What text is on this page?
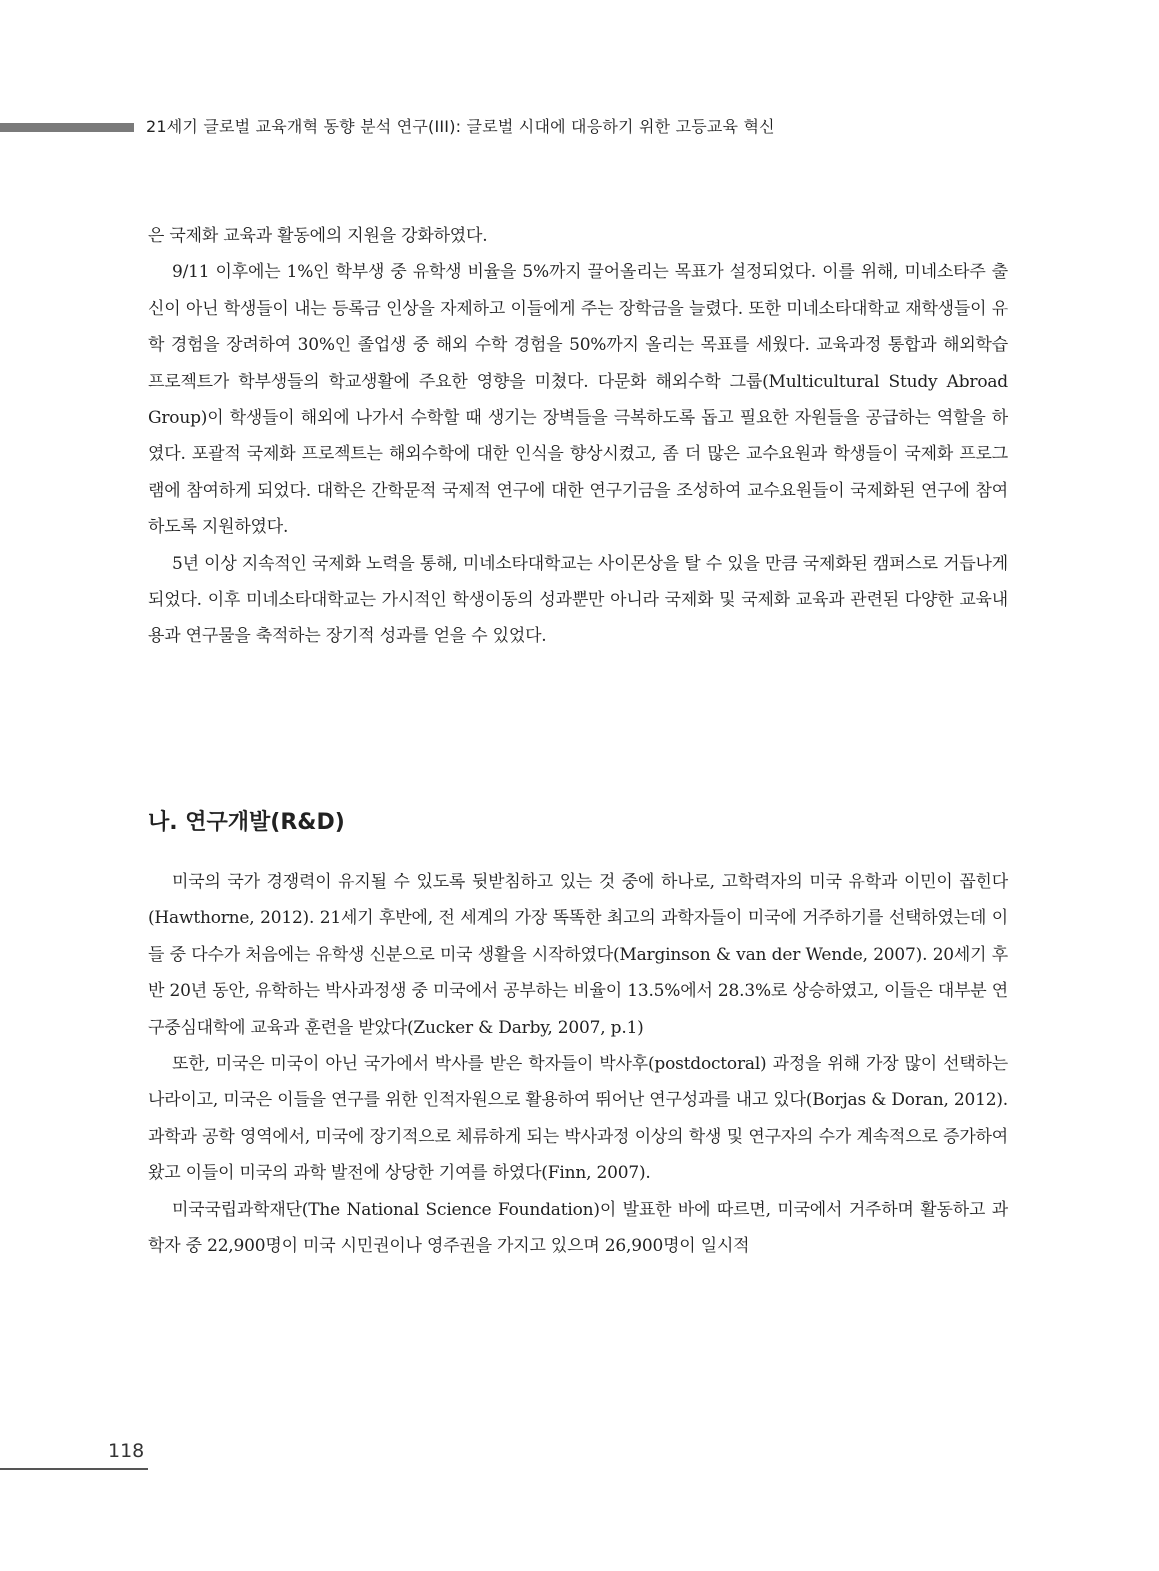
21세기 글로벌 교육개혁 동향 분석 연구(III): 글로벌 시대에 대응하기 위한 고등교육 혁신

은 국제화 교육과 활동에의 지원을 강화하였다.

9/11 이후에는 1%인 학부생 중 유학생 비율을 5%까지 끌어올리는 목표가 설정되었다. 이를 위해, 미네소타주 출신이 아닌 학생들이 내는 등록금 인상을 자제하고 이들에게 주는 장학금을 늘렸다. 또한 미네소타대학교 재학생들이 유학 경험을 장려하여 30%인 졸업생 중 해외 수학 경험을 50%까지 올리는 목표를 세웠다. 교육과정 통합과 해외학습 프로젝트가 학부생들의 학교생활에 주요한 영향을 미쳤다. 다문화 해외수학 그룹(Multicultural Study Abroad Group)이 학생들이 해외에 나가서 수학할 때 생기는 장벽들을 극복하도록 돕고 필요한 자원들을 공급하는 역할을 하였다. 포괄적 국제화 프로젝트는 해외수학에 대한 인식을 향상시켰고, 좀 더 많은 교수요원과 학생들이 국제화 프로그램에 참여하게 되었다. 대학은 간학문적 국제적 연구에 대한 연구기금을 조성하여 교수요원들이 국제화된 연구에 참여하도록 지원하였다.

5년 이상 지속적인 국제화 노력을 통해, 미네소타대학교는 사이몬상을 탈 수 있을 만큼 국제화된 캠퍼스로 거듭나게 되었다. 이후 미네소타대학교는 가시적인 학생이동의 성과뿐만 아니라 국제화 및 국제화 교육과 관련된 다양한 교육내용과 연구물을 축적하는 장기적 성과를 얻을 수 있었다.

나. 연구개발(R&D)

미국의 국가 경쟁력이 유지될 수 있도록 뒷받침하고 있는 것 중에 하나로, 고학력자의 미국 유학과 이민이 꼽힌다(Hawthorne, 2012). 21세기 후반에, 전 세계의 가장 똑똑한 최고의 과학자들이 미국에 거주하기를 선택하였는데 이들 중 다수가 처음에는 유학생 신분으로 미국 생활을 시작하였다(Marginson & van der Wende, 2007). 20세기 후반 20년 동안, 유학하는 박사과정생 중 미국에서 공부하는 비율이 13.5%에서 28.3%로 상승하였고, 이들은 대부분 연구중심대학에 교육과 훈련을 받았다(Zucker & Darby, 2007, p.1)

또한, 미국은 미국이 아닌 국가에서 박사를 받은 학자들이 박사후(postdoctoral) 과정을 위해 가장 많이 선택하는 나라이고, 미국은 이들을 연구를 위한 인적자원으로 활용하여 뛰어난 연구성과를 내고 있다(Borjas & Doran, 2012). 과학과 공학 영역에서, 미국에 장기적으로 체류하게 되는 박사과정 이상의 학생 및 연구자의 수가 계속적으로 증가하여 왔고 이들이 미국의 과학 발전에 상당한 기여를 하였다(Finn, 2007).

미국국립과학재단(The National Science Foundation)이 발표한 바에 따르면, 미국에서 거주하며 활동하고 과학자 중 22,900명이 미국 시민권이나 영주권을 가지고 있으며 26,900명이 일시적

118
